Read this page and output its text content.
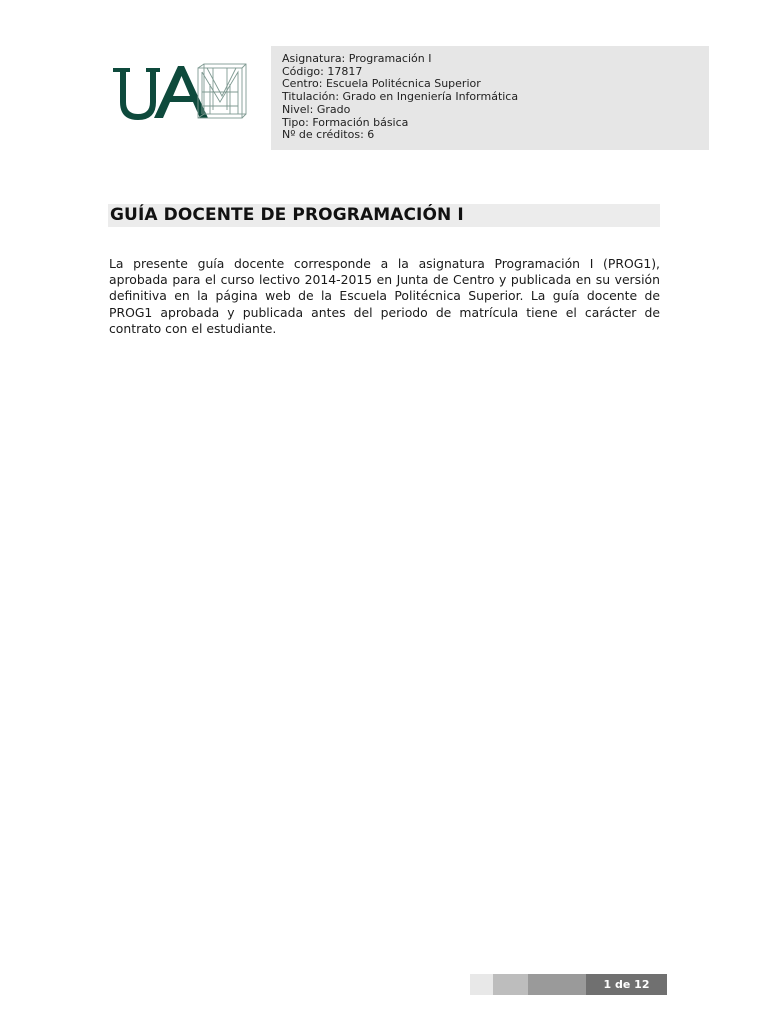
Asignatura: Programación I
Código: 17817
Centro: Escuela Politécnica Superior
Titulación: Grado en Ingeniería Informática
Nivel: Grado
Tipo: Formación básica
Nº de créditos: 6
GUÍA DOCENTE DE PROGRAMACIÓN I

La presente guía docente corresponde a la asignatura Programación I (PROG1), aprobada para el curso lectivo 2014-2015 en Junta de Centro y publicada en su versión definitiva en la página web de la Escuela Politécnica Superior. La guía docente de PROG1 aprobada y publicada antes del periodo de matrícula tiene el carácter de contrato con el estudiante.

1 de 12
